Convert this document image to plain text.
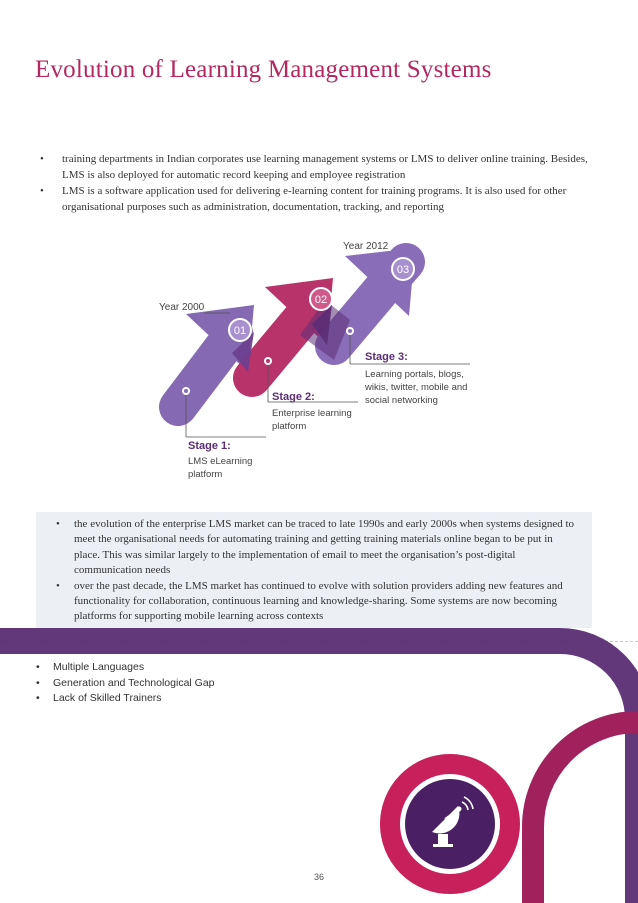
Evolution of Learning Management Systems
• training departments in Indian corporates use learning management systems or LMS to deliver online training. Besides, LMS is also deployed for automatic record keeping and employee registration
• LMS is a software application used for delivering e-learning content for training programs. It is also used for other organisational purposes such as administration, documentation, tracking, and reporting
01
02
03
Year 2000
Year 2012
Stage 1:
LMS eLearning
platform
Stage 2:
Enterprise learning
platform
Stage 3:
Learning portals, blogs,
wikis, twitter, mobile and
social networking
• the evolution of the enterprise LMS market can be traced to late 1990s and early 2000s when systems designed to meet the organisational needs for automating training and getting training materials online began to be put in place. This was similar largely to the implementation of email to meet the organisation’s post-digital communication needs
• over the past decade, the LMS market has continued to evolve with solution providers adding new features and functionality for collaboration, continuous learning and knowledge-sharing. Some systems are now becoming platforms for supporting mobile learning across contexts
• Multiple Languages
• Generation and Technological Gap
• Lack of Skilled Trainers
36
